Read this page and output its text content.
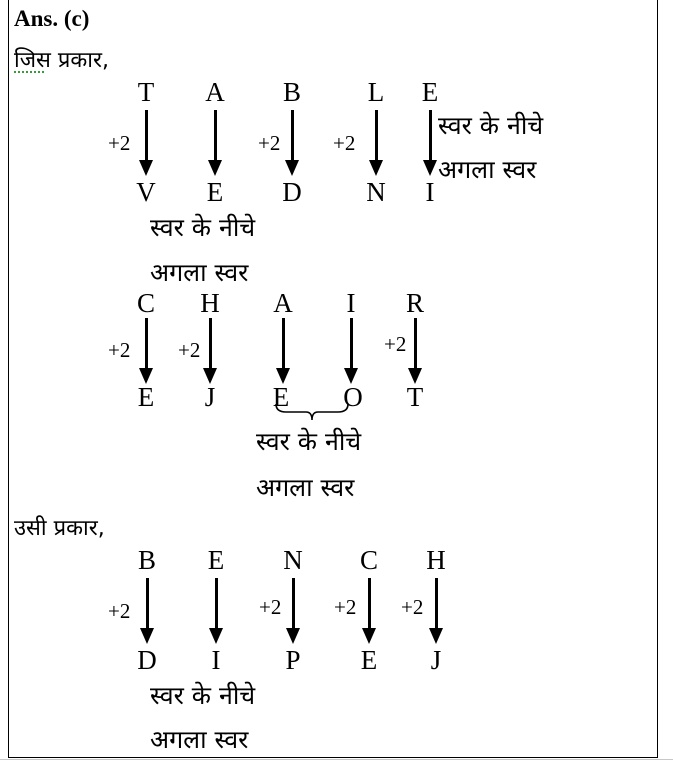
Ans. (c)
जिस प्रकार,
T A B L E
+2	+2	+2
स्वर के नीचे
अगला स्वर
V E D N	I
स्वर के नीचे
अगला स्वर
C H A	I	R
+2 +2	+2
E	J	E O T
स्वर के नीचे
अगला स्वर
उसी प्रकार,
B E N C H
+2	+2	+2 +2
D	I	P E	J
स्वर के नीचे
अगला स्वर
